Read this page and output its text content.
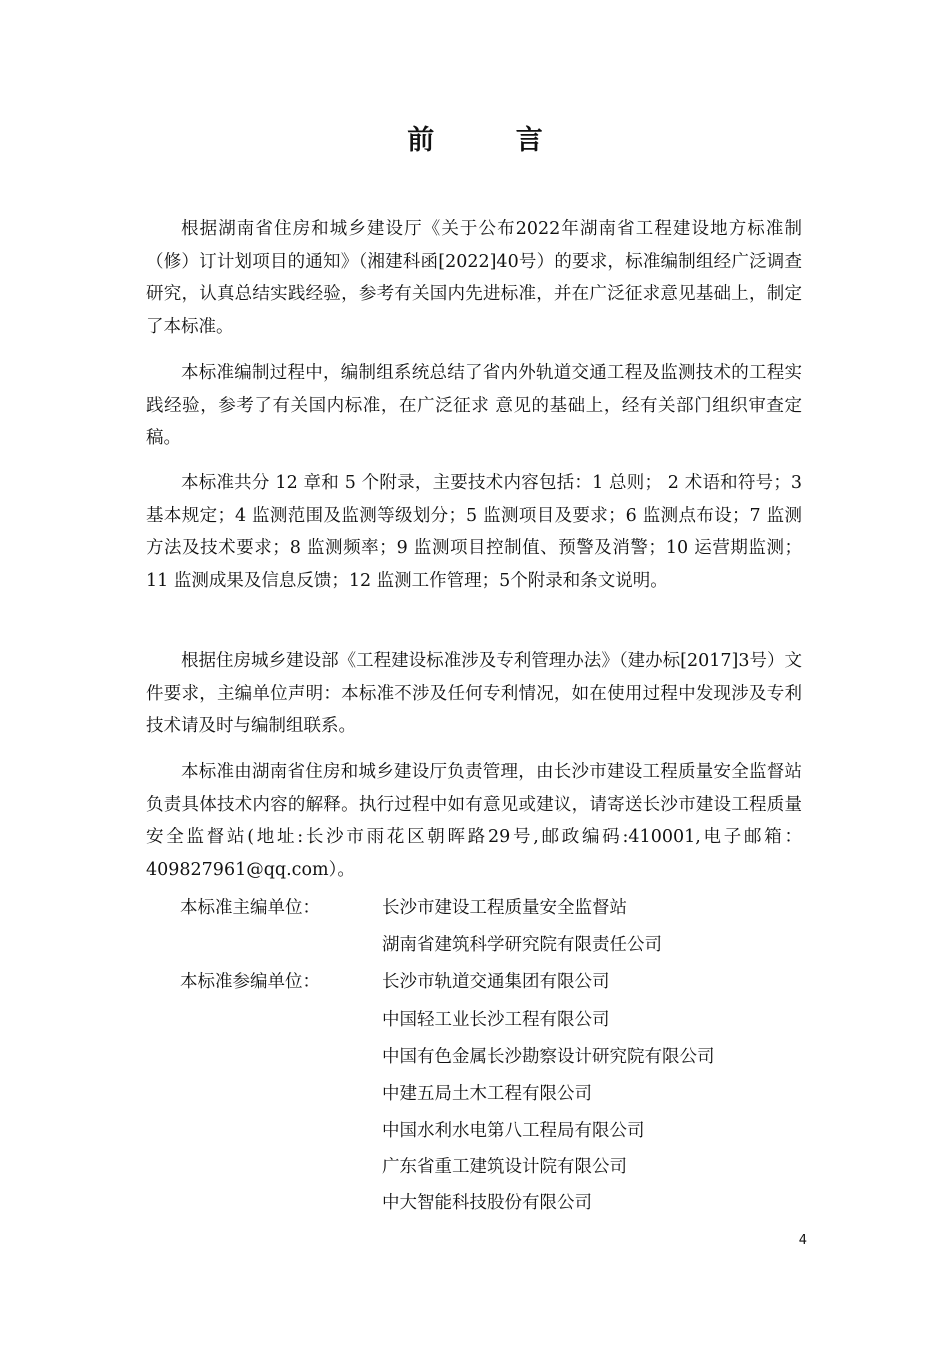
前 言

根据湖南省住房和城乡建设厅《关于公布2022年湖南省工程建设地方标准制（修）订计划项目的通知》（湘建科函[2022]40号）的要求，标准编制组经广泛调查研究，认真总结实践经验，参考有关国内先进标准，并在广泛征求意见基础上，制定了本标准。

本标准编制过程中，编制组系统总结了省内外轨道交通工程及监测技术的工程实践经验，参考了有关国内标准，在广泛征求 意见的基础上，经有关部门组织审查定稿。

本标准共分 12 章和 5 个附录，主要技术内容包括：1 总则； 2 术语和符号；3 基本规定；4 监测范围及监测等级划分；5 监测项目及要求；6 监测点布设；7 监测方法及技术要求；8 监测频率；9 监测项目控制值、预警及消警；10 运营期监测；11 监测成果及信息反馈；12 监测工作管理；5个附录和条文说明。

根据住房城乡建设部《工程建设标准涉及专利管理办法》（建办标[2017]3号）文件要求，主编单位声明：本标准不涉及任何专利情况，如在使用过程中发现涉及专利技术请及时与编制组联系。

本标准由湖南省住房和城乡建设厅负责管理，由长沙市建设工程质量安全监督站负责具体技术内容的解释。执行过程中如有意见或建议，请寄送长沙市建设工程质量安全监督站(地址:长沙市雨花区朝晖路29号,邮政编码:410001,电子邮箱：409827961@qq.com）。

本标准主编单位：	长沙市建设工程质量安全监督站
湖南省建筑科学研究院有限责任公司
本标准参编单位：	长沙市轨道交通集团有限公司
中国轻工业长沙工程有限公司
中国有色金属长沙勘察设计研究院有限公司
中建五局土木工程有限公司
中国水利水电第八工程局有限公司
广东省重工建筑设计院有限公司
中大智能科技股份有限公司
4
